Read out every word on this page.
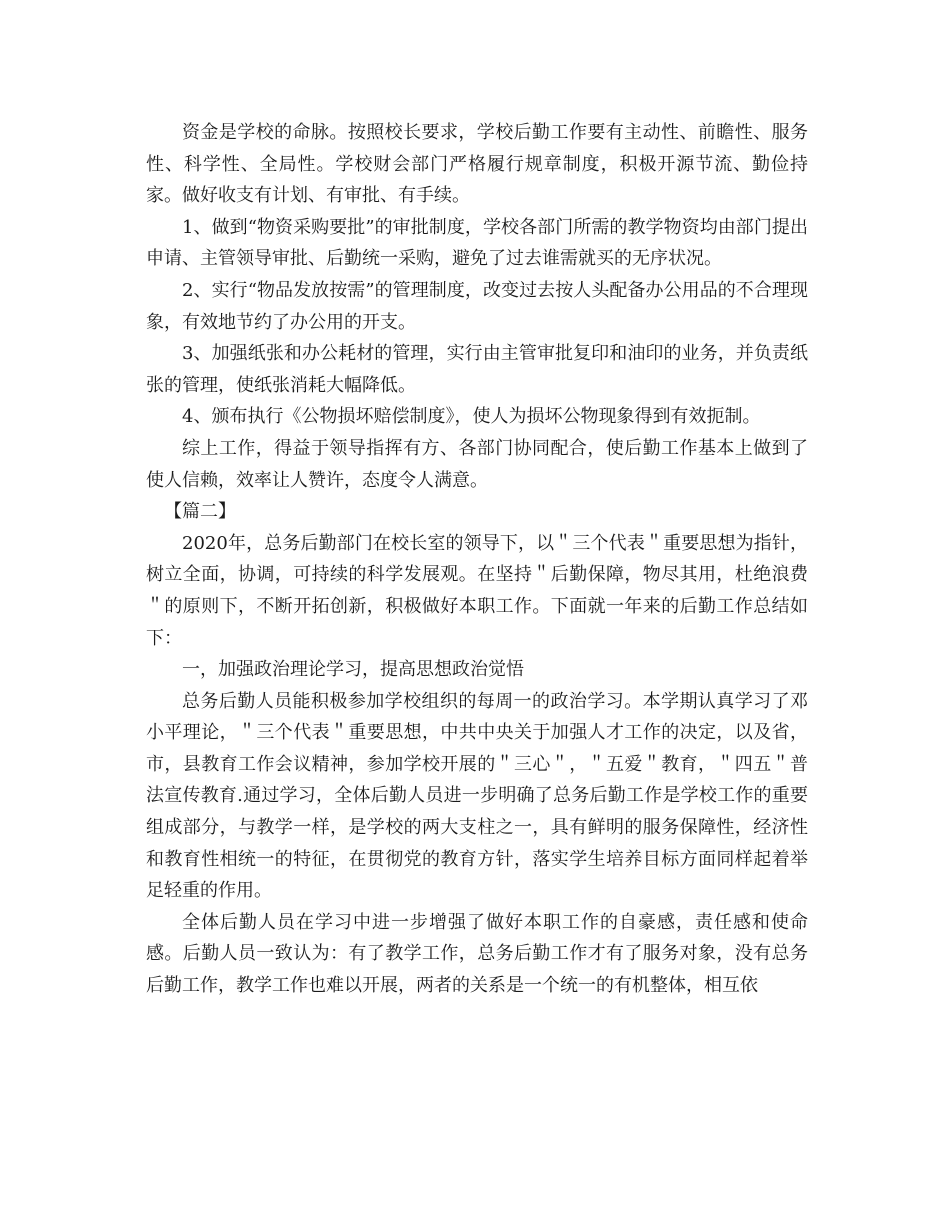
资金是学校的命脉。按照校长要求，学校后勤工作要有主动性、前瞻性、服务性、科学性、全局性。学校财会部门严格履行规章制度，积极开源节流、勤俭持家。做好收支有计划、有审批、有手续。

1、做到“物资采购要批”的审批制度，学校各部门所需的教学物资均由部门提出申请、主管领导审批、后勤统一采购，避免了过去谁需就买的无序状况。

2、实行“物品发放按需”的管理制度，改变过去按人头配备办公用品的不合理现象，有效地节约了办公用的开支。

3、加强纸张和办公耗材的管理，实行由主管审批复印和油印的业务，并负责纸张的管理，使纸张消耗大幅降低。

4、颁布执行《公物损坏赔偿制度》，使人为损坏公物现象得到有效扼制。

综上工作，得益于领导指挥有方、各部门协同配合，使后勤工作基本上做到了使人信赖，效率让人赞许，态度令人满意。

【篇二】

2020年，总务后勤部门在校长室的领导下，以＂三个代表＂重要思想为指针，树立全面，协调，可持续的科学发展观。在坚持＂后勤保障，物尽其用，杜绝浪费＂的原则下，不断开拓创新，积极做好本职工作。下面就一年来的后勤工作总结如下：

一，加强政治理论学习，提高思想政治觉悟

总务后勤人员能积极参加学校组织的每周一的政治学习。本学期认真学习了邓小平理论，＂三个代表＂重要思想，中共中央关于加强人才工作的决定，以及省，市，县教育工作会议精神，参加学校开展的＂三心＂，＂五爱＂教育，＂四五＂普法宣传教育.通过学习，全体后勤人员进一步明确了总务后勤工作是学校工作的重要组成部分，与教学一样，是学校的两大支柱之一，具有鲜明的服务保障性，经济性和教育性相统一的特征，在贯彻党的教育方针，落实学生培养目标方面同样起着举足轻重的作用。

全体后勤人员在学习中进一步增强了做好本职工作的自豪感，责任感和使命感。后勤人员一致认为：有了教学工作，总务后勤工作才有了服务对象，没有总务后勤工作，教学工作也难以开展，两者的关系是一个统一的有机整体，相互依
